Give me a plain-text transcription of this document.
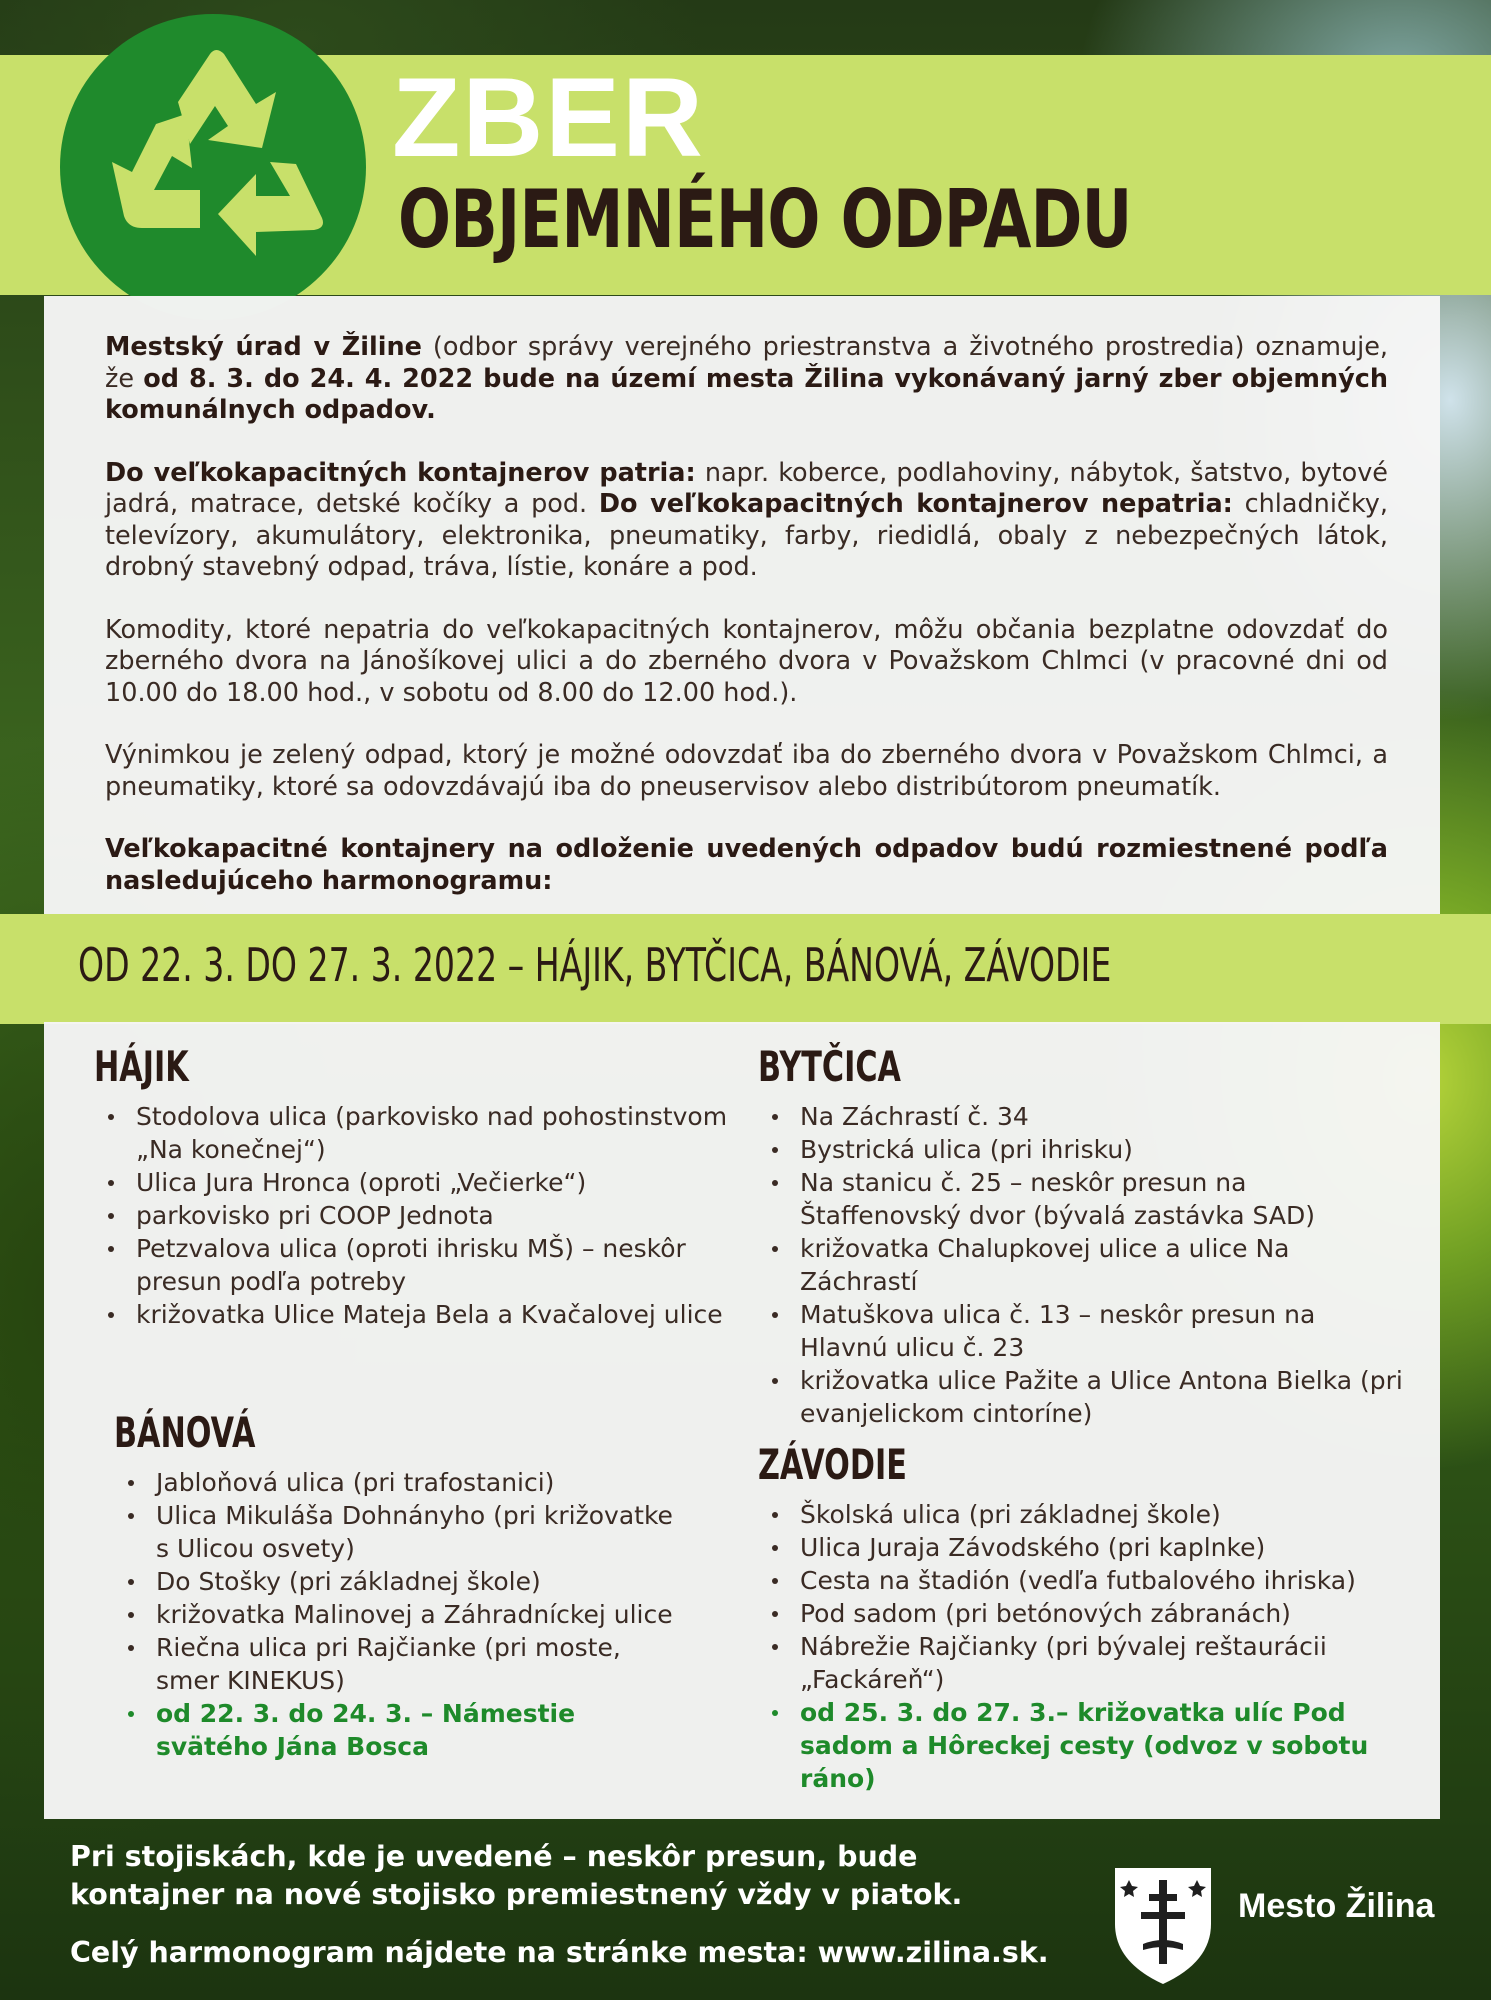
ZBER
OBJEMNÉHO ODPADU

Mestský úrad v Žiline (odbor správy verejného priestranstva a životného prostredia) oznamuje, že od 8. 3. do 24. 4. 2022 bude na území mesta Žilina vykonávaný jarný zber objemných komunálnych odpadov.

Do veľkokapacitných kontajnerov patria: napr. koberce, podlahoviny, nábytok, šatstvo, bytové jadrá, matrace, detské kočíky a pod. Do veľkokapacitných kontajnerov nepatria: chladničky, televízory, akumulátory, elektronika, pneumatiky, farby, riedidlá, obaly z nebezpečných látok, drobný stavebný odpad, tráva, lístie, konáre a pod.

Komodity, ktoré nepatria do veľkokapacitných kontajnerov, môžu občania bezplatne odovzdať do zberného dvora na Jánošíkovej ulici a do zberného dvora v Považskom Chlmci (v pracovné dni od 10.00 do 18.00 hod., v sobotu od 8.00 do 12.00 hod.).

Výnimkou je zelený odpad, ktorý je možné odovzdať iba do zberného dvora v Považskom Chlmci, a pneumatiky, ktoré sa odovzdávajú iba do pneuservisov alebo distribútorom pneumatík.

Veľkokapacitné kontajnery na odloženie uvedených odpadov budú rozmiestnené podľa nasledujúceho harmonogramu:

OD 22. 3. DO 27. 3. 2022 – HÁJIK, BYTČICA, BÁNOVÁ, ZÁVODIE
HÁJIK
Stodolova ulica (parkovisko nad pohostinstvom „Na konečnej“)
Ulica Jura Hronca (oproti „Večierke“)
parkovisko pri COOP Jednota
Petzvalova ulica (oproti ihrisku MŠ) – neskôr presun podľa potreby
križovatka Ulice Mateja Bela a Kvačalovej ulice
BÁNOVÁ
Jabloňová ulica (pri trafostanici)
Ulica Mikuláša Dohnányho (pri križovatke s Ulicou osvety)
Do Stošky (pri základnej škole)
križovatka Malinovej a Záhradníckej ulice
Riečna ulica pri Rajčianke (pri moste, smer KINEKUS)
od 22. 3. do 24. 3. – Námestie svätého Jána Bosca
BYTČICA
Na Záchrastí č. 34
Bystrická ulica (pri ihrisku)
Na stanicu č. 25 – neskôr presun na Štaffenovský dvor (bývalá zastávka SAD)
križovatka Chalupkovej ulice a ulice Na Záchrastí
Matuškova ulica č. 13 – neskôr presun na Hlavnú ulicu č. 23
križovatka ulice Pažite a Ulice Antona Bielka (pri evanjelickom cintoríne)
ZÁVODIE
Školská ulica (pri základnej škole)
Ulica Juraja Závodského (pri kaplnke)
Cesta na štadión (vedľa futbalového ihriska)
Pod sadom (pri betónových zábranách)
Nábrežie Rajčianky (pri bývalej reštaurácii „Fackáreň“)
od 25. 3. do 27. 3.– križovatka ulíc Pod sadom a Hôreckej cesty (odvoz v sobotu ráno)
Pri stojiskách, kde je uvedené – neskôr presun, bude kontajner na nové stojisko premiestnený vždy v piatok.
Celý harmonogram nájdete na stránke mesta: www.zilina.sk.
Mesto Žilina
